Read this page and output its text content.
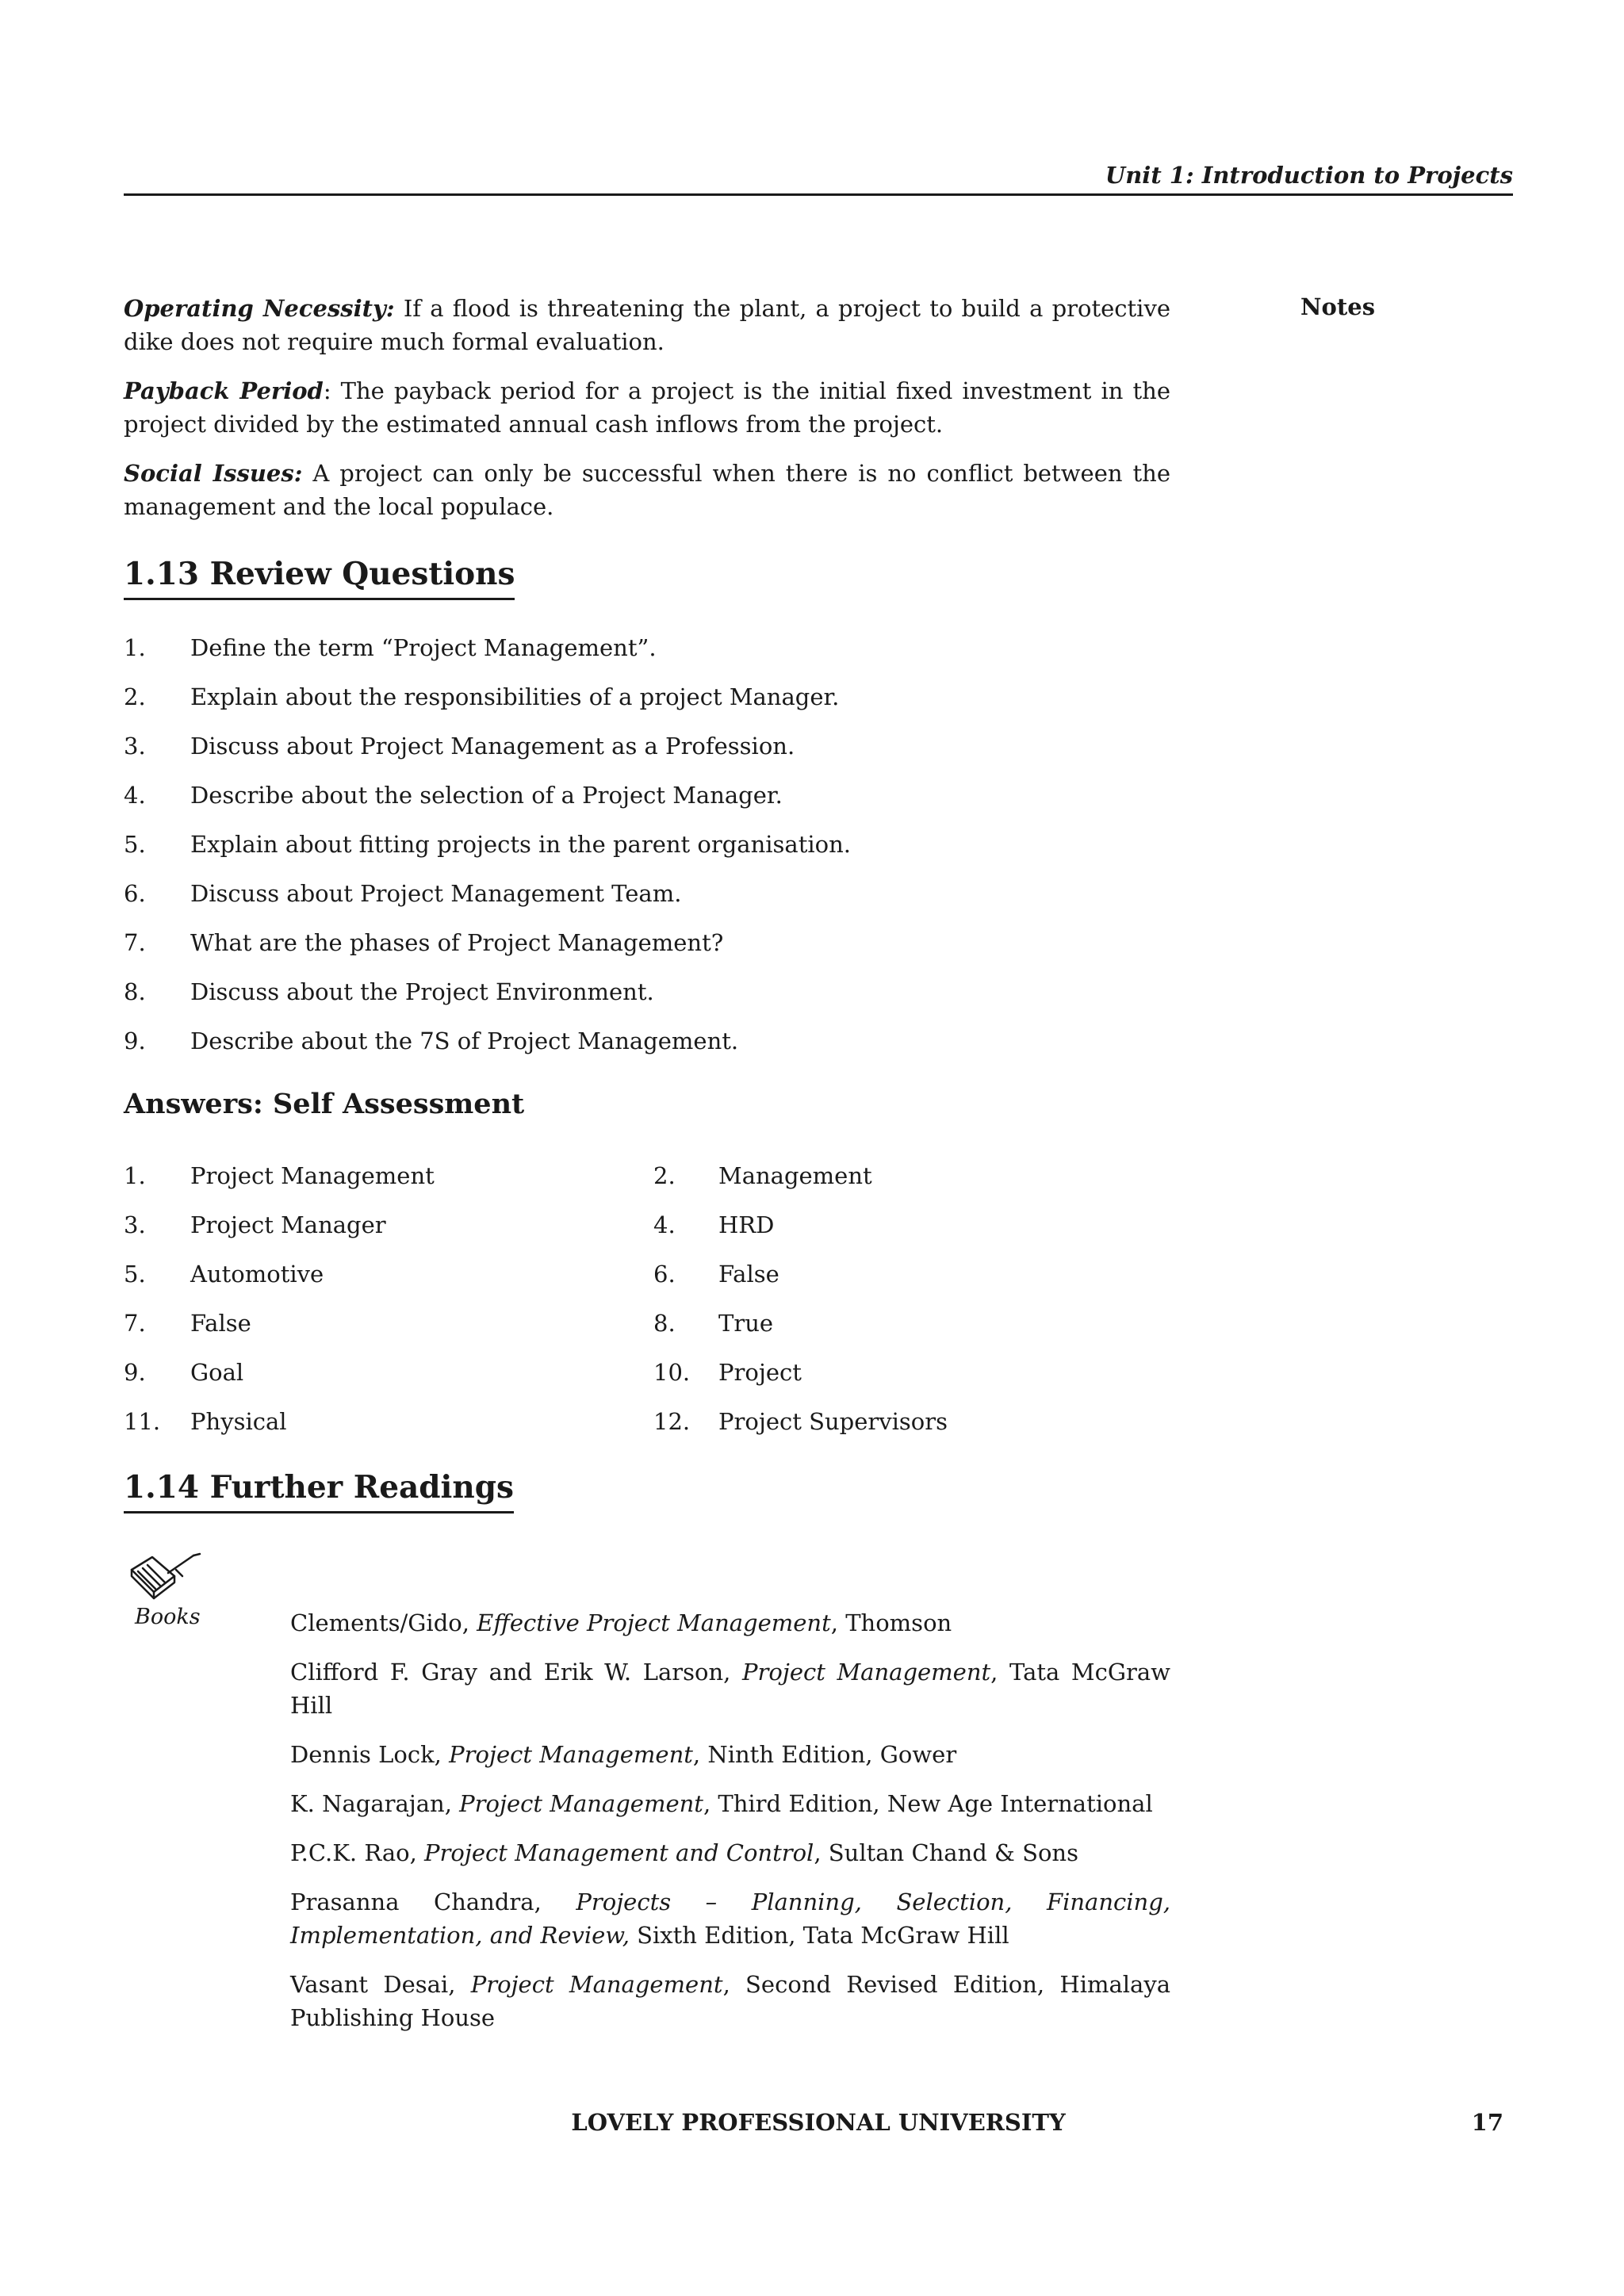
Unit 1: Introduction to Projects
Notes

Operating Necessity: If a flood is threatening the plant, a project to build a protective dike does not require much formal evaluation.

Payback Period: The payback period for a project is the initial fixed investment in the project divided by the estimated annual cash inflows from the project.

Social Issues: A project can only be successful when there is no conflict between the management and the local populace.

1.13 Review Questions
1. Define the term “Project Management”.
2. Explain about the responsibilities of a project Manager.
3. Discuss about Project Management as a Profession.
4. Describe about the selection of a Project Manager.
5. Explain about fitting projects in the parent organisation.
6. Discuss about Project Management Team.
7. What are the phases of Project Management?
8. Discuss about the Project Environment.
9. Describe about the 7S of Project Management.
Answers: Self Assessment
1. Project Management	2. Management
3. Project Manager	4. HRD
5. Automotive	6. False
7. False	8. True
9. Goal	10. Project
11. Physical	12. Project Supervisors
1.14 Further Readings
Books	Clements/Gido, Effective Project Management, Thomson

Clifford F. Gray and Erik W. Larson, Project Management, Tata McGraw Hill

Dennis Lock, Project Management, Ninth Edition, Gower

K. Nagarajan, Project Management, Third Edition, New Age International

P.C.K. Rao, Project Management and Control, Sultan Chand & Sons

Prasanna Chandra, Projects – Planning, Selection, Financing, Implementation, and Review, Sixth Edition, Tata McGraw Hill

Vasant Desai, Project Management, Second Revised Edition, Himalaya Publishing House

LOVELY PROFESSIONAL UNIVERSITY	17
